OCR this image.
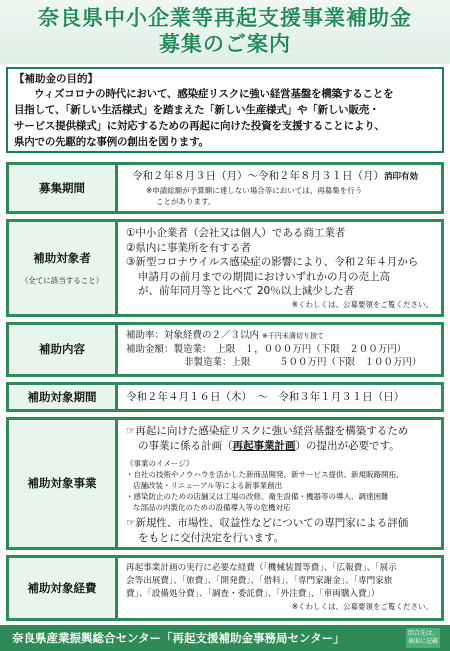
奈良県中小企業等再起支援事業補助金
募集のご案内
【補助金の目的】
ウィズコロナの時代において、感染症リスクに強い経営基盤を構築することを
目指して、「新しい生活様式」を踏まえた「新しい生産様式」や「新しい販売・
サービス提供様式」に対応するための再起に向けた投資を支援することにより、
県内での先駆的な事例の創出を図ります。
募集期間
令和２年８月３日（月）〜令和２年８月３１日（月）消印有効
※申請総額が予算額に達しない場合等においては、再募集を行う
ことがあります。
補助対象者
（全てに該当すること）
①中小企業者（会社又は個人）である商工業者
②県内に事業所を有する者
③新型コロナウイルス感染症の影響により、令和２年４月から
申請月の前月までの期間におけいずれかの月の売上高
が、前年同月等と比べて 20％以上減少した者
※くわしくは、公募要領をご覧ください。
補助内容
補助率：対象経費の２／３以内 ※千円未満切り捨て
補助金額：製造業：　上限　１，０００万円（下限　２００万円）
非製造業：上限　　　５００万円（下限　１００万円）
補助対象期間	令和２年４月１６日（木）　〜　令和３年１月３１日（日）
補助対象事業
☞再起に向けた感染症リスクに強い経営基盤を構築するため
の事業に係る計画（再起事業計画）の提出が必要です。
《事業のイメージ》
・自社の技術やノウハウを活かした新商品開発、新サービス提供、新規販路開拓、
店舗改装・リニューアル等による新事業創出
・感染防止のための店舗又は工場の改修、衛生設備・機器等の導入、調達困難
な部品の内製化のための設備導入等の危機対応
☞新規性、市場性、収益性などについての専門家による評価
をもとに交付決定を行います。
補助対象経費
再起事業計画の実行に必要な経費（「機械装置等費」、「広報費」、「展示
会等出展費」、「旅費」、「開発費」、「借料」、「専門家謝金」、「専門家旅
費」、「設備処分費」、「調査・委託費」、「外注費」、「車両購入費」）
※くわしくは、公募要領をご覧ください。
奈良県産業振興総合センター「再起支援補助金事務局センター」	問合先は、
裏面に記載
